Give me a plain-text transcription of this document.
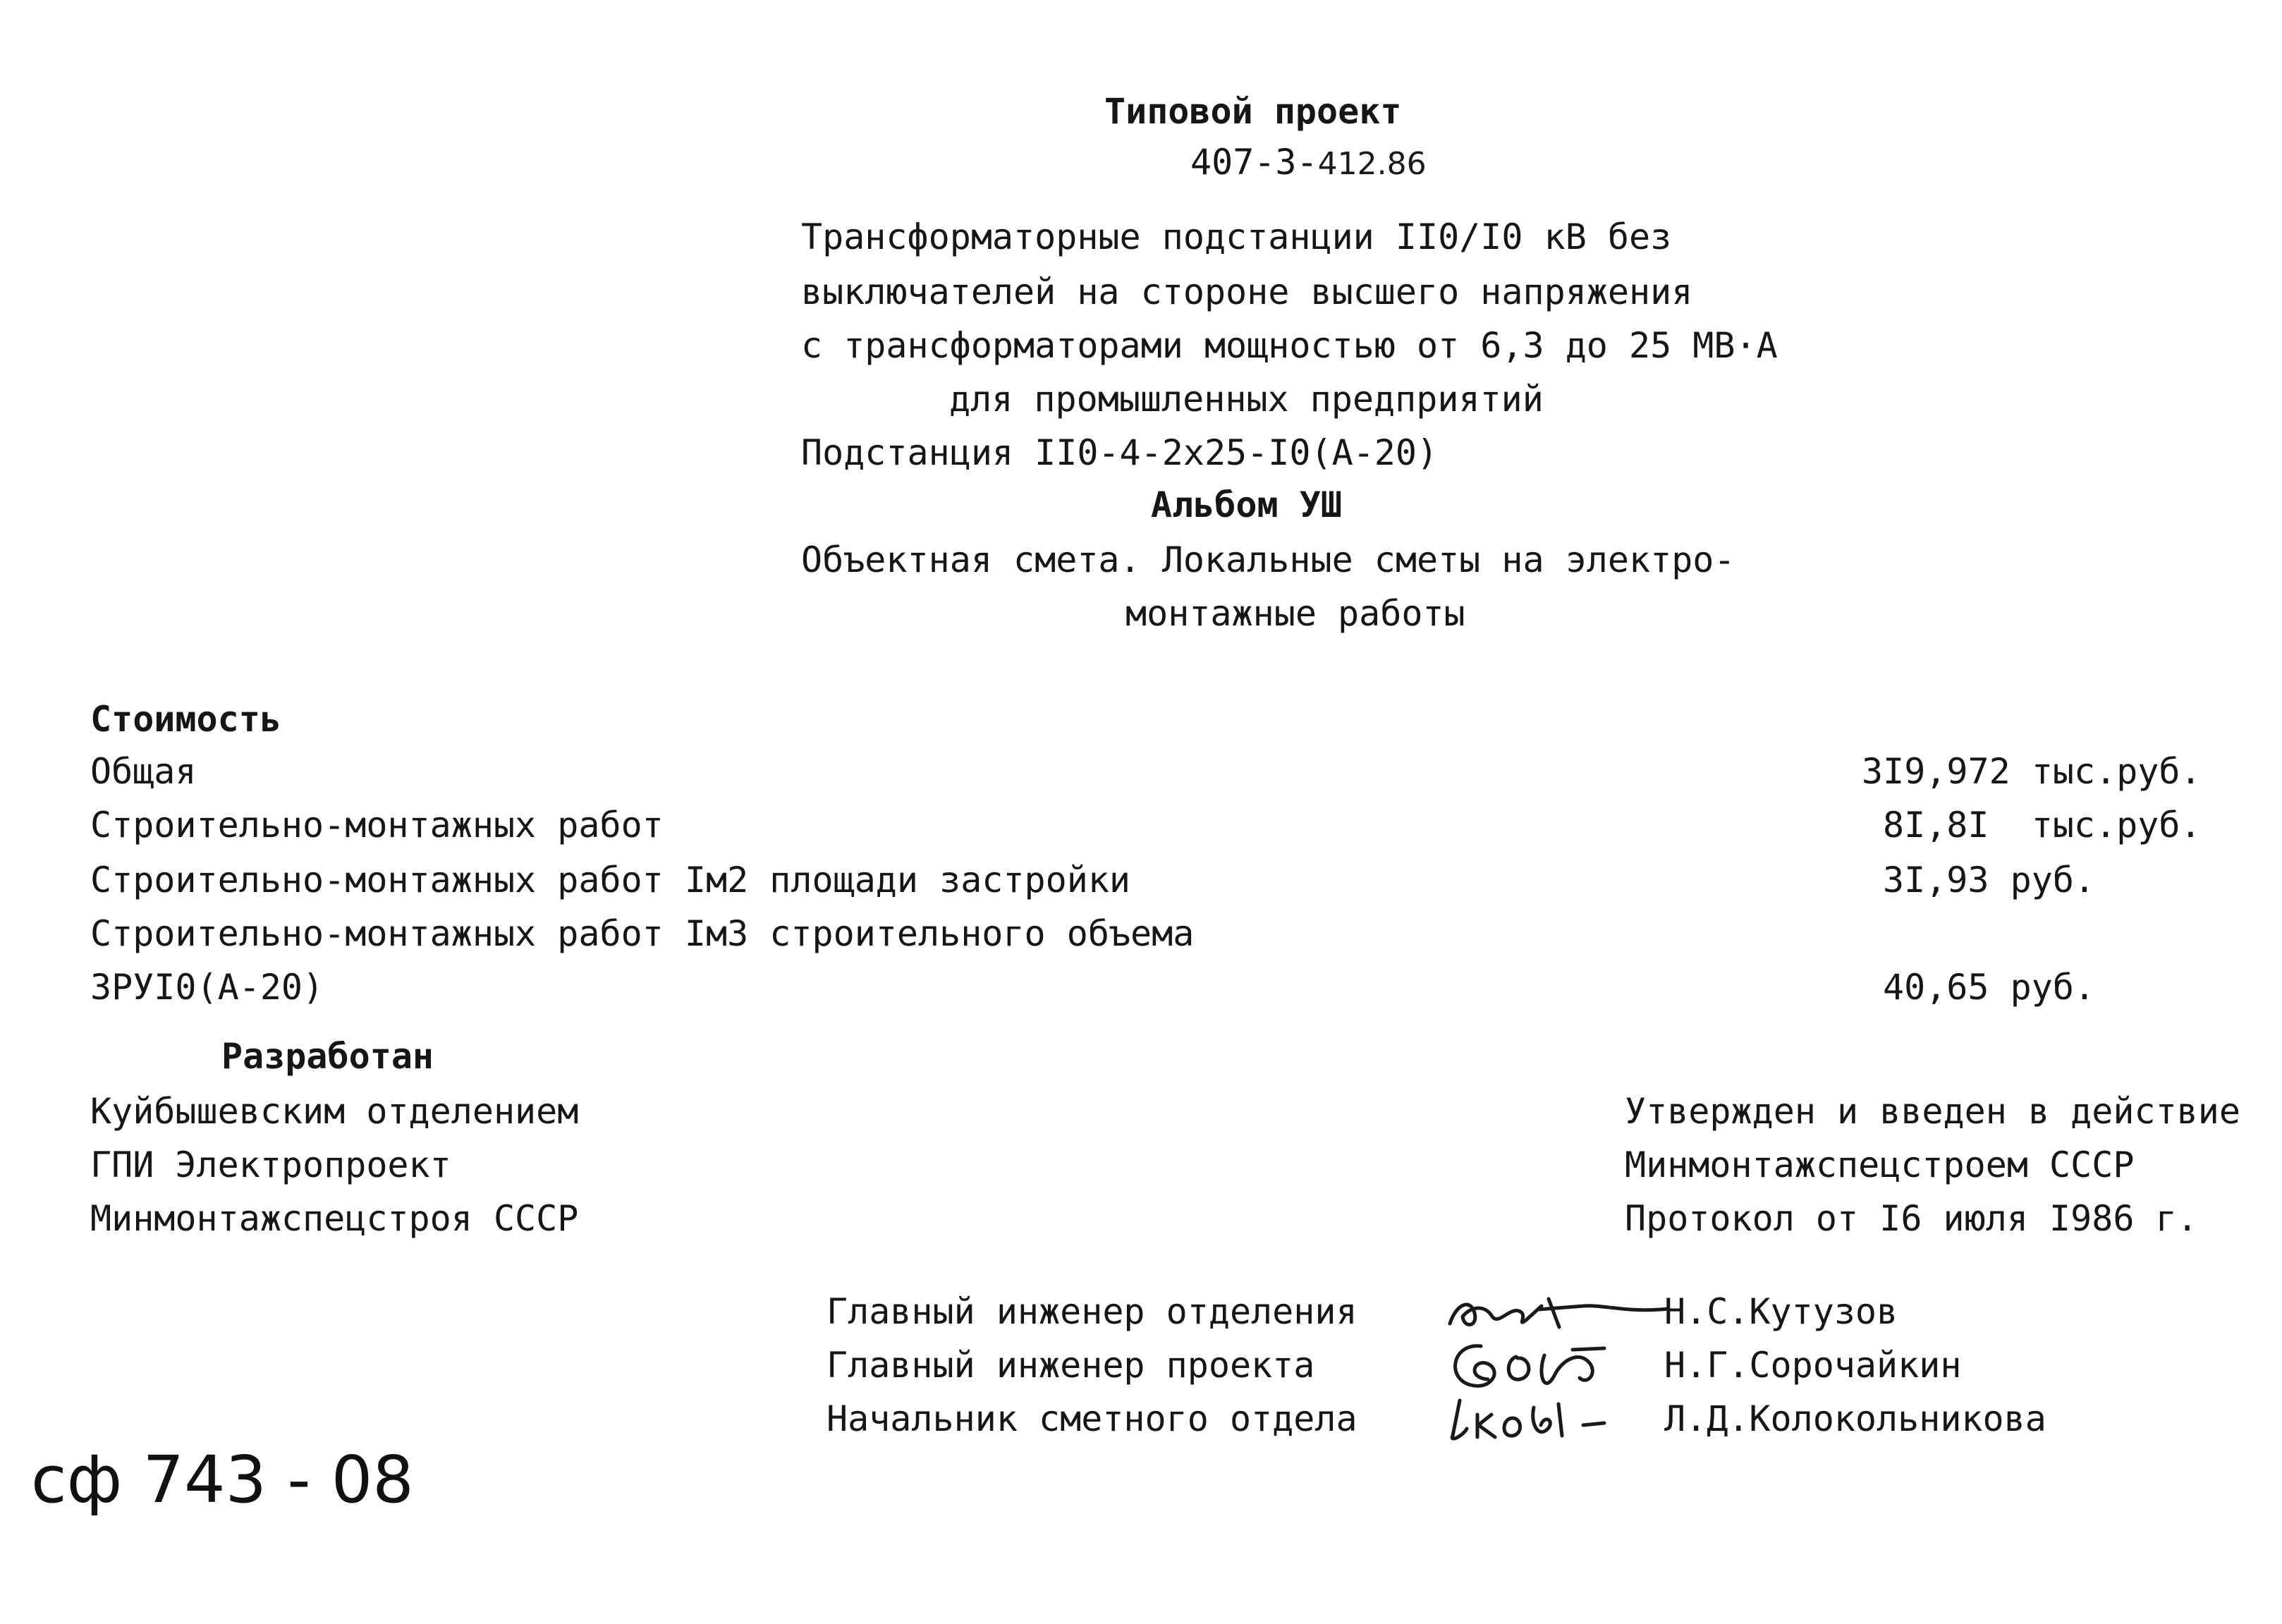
Типовой проект
407-3-412.86
Трансформаторные подстанции II0/I0 кВ без
выключателей на стороне высшего напряжения
с трансформаторами мощностью от 6,3 до 25 МВ·А
для промышленных предприятий
Подстанция II0-4-2х25-I0(А-20)
Альбом УШ
Объектная смета. Локальные сметы на электро-
монтажные работы
Стоимость
Общая	3I9,972 тыс.руб.
Строительно-монтажных работ	8I,8I  тыс.руб.
Строительно-монтажных работ Iм2 площади застройки	3I,93 руб.
Строительно-монтажных работ Iм3 строительного объема
ЗРУI0(А-20)	40,65 руб.
Разработан
Куйбышевским отделением
ГПИ Электропроект
Минмонтажспецстроя СССР
Утвержден и введен в действие
Минмонтажспецстроем СССР
Протокол от I6 июля I986 г.
Главный инженер отделения	Н.С.Кутузов
Главный инженер проекта	Н.Г.Сорочайкин
Начальник сметного отдела	Л.Д.Колокольникова
сф 743 - 08
